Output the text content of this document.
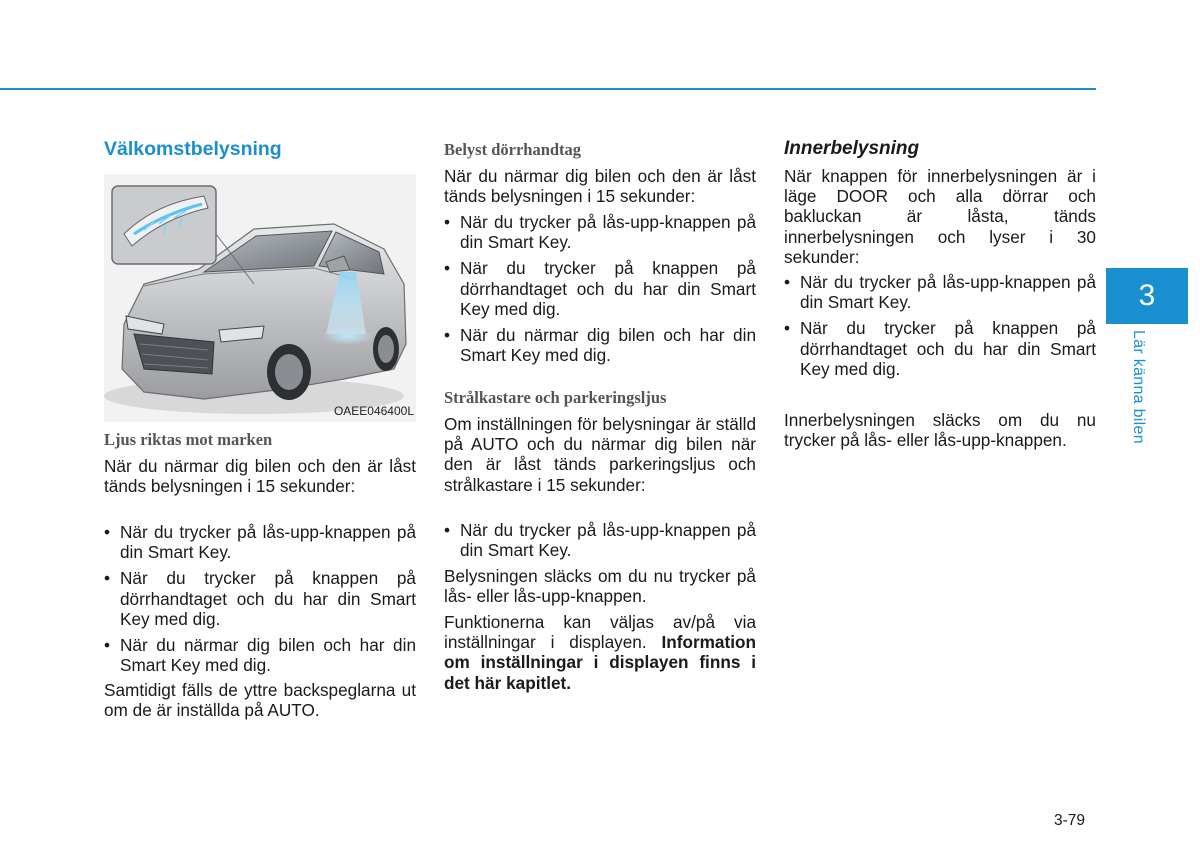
Välkomstbelysning
OAEE046400L
Ljus riktas mot marken

När du närmar dig bilen och den är låst tänds belysningen i 15 sekunder:

• När du trycker på lås-upp-knappen på din Smart Key.
• När du trycker på knappen på dörrhandtaget och du har din Smart Key med dig.
• När du närmar dig bilen och har din Smart Key med dig.

Samtidigt fälls de yttre backspeglarna ut om de är inställda på AUTO.

Belyst dörrhandtag

När du närmar dig bilen och den är låst tänds belysningen i 15 sekunder:

• När du trycker på lås-upp-knappen på din Smart Key.
• När du trycker på knappen på dörrhandtaget och du har din Smart Key med dig.
• När du närmar dig bilen och har din Smart Key med dig.
Strålkastare och parkeringsljus

Om inställningen för belysningar är ställd på AUTO och du närmar dig bilen när den är låst tänds parkeringsljus och strålkastare i 15 sekunder:

• När du trycker på lås-upp-knappen på din Smart Key.

Belysningen släcks om du nu trycker på lås- eller lås-upp-knappen.

Funktionerna kan väljas av/på via inställningar i displayen. Information om inställningar i displayen finns i det här kapitlet.

Innerbelysning

När knappen för innerbelysningen är i läge DOOR och alla dörrar och bakluckan är låsta, tänds innerbelysningen och lyser i 30 sekunder:

• När du trycker på lås-upp-knappen på din Smart Key.
• När du trycker på knappen på dörrhandtaget och du har din Smart Key med dig.

Innerbelysningen släcks om du nu trycker på lås- eller lås-upp-knappen.

3
Lär känna bilen
3-79
